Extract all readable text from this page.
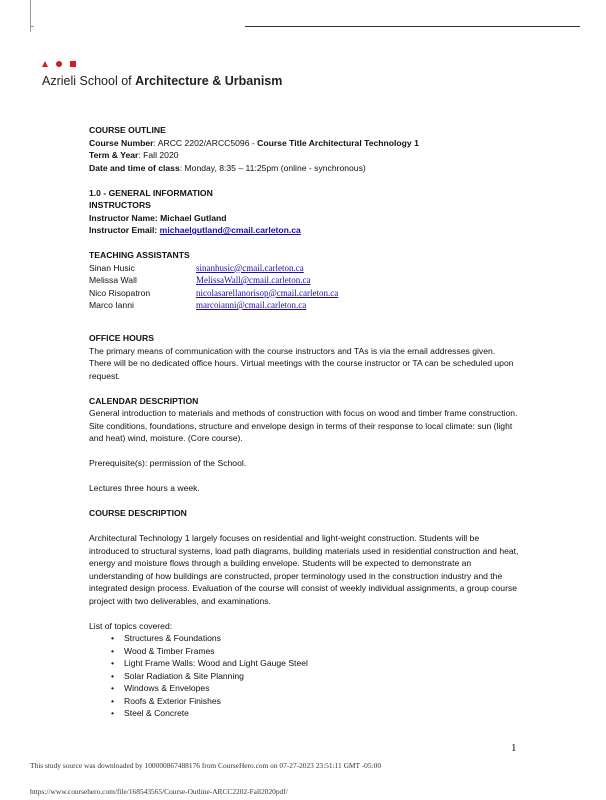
Azrieli School of Architecture & Urbanism
COURSE OUTLINE
Course Number: ARCC 2202/ARCC5096 - Course Title Architectural Technology 1
Term & Year: Fall 2020
Date and time of class: Monday, 8:35 – 11:25pm (online - synchronous)
1.0 - GENERAL INFORMATION
INSTRUCTORS
Instructor Name: Michael Gutland
Instructor Email: michaelgutland@cmail.carleton.ca
TEACHING ASSISTANTS
Sinan Husic	sinanhusic@cmail.carleton.ca
Melissa Wall	MelissaWall@cmail.carleton.ca
Nico Risopatron	nicolasarellanorisop@cmail.carleton.ca
Marco Ianni	marcoianni@cmail.carleton.ca
OFFICE HOURS
The primary means of communication with the course instructors and TAs is via the email addresses given. There will be no dedicated office hours. Virtual meetings with the course instructor or TA can be scheduled upon request.
CALENDAR DESCRIPTION
General introduction to materials and methods of construction with focus on wood and timber frame construction. Site conditions, foundations, structure and envelope design in terms of their response to local climate: sun (light and heat) wind, moisture. (Core course).
Prerequisite(s): permission of the School.
Lectures three hours a week.
COURSE DESCRIPTION
Architectural Technology 1 largely focuses on residential and light-weight construction. Students will be introduced to structural systems, load path diagrams, building materials used in residential construction and heat, energy and moisture flows through a building envelope. Students will be expected to demonstrate an understanding of how buildings are constructed, proper terminology used in the construction industry and the integrated design process. Evaluation of the course will consist of weekly individual assignments, a group course project with two deliverables, and examinations.
List of topics covered:
• Structures & Foundations
• Wood & Timber Frames
• Light Frame Walls: Wood and Light Gauge Steel
• Solar Radiation & Site Planning
• Windows & Envelopes
• Roofs & Exterior Finishes
• Steel & Concrete
1
This study source was downloaded by 100000867488176 from CourseHero.com on 07-27-2023 23:51:11 GMT -05:00
https://www.coursehero.com/file/168543565/Course-Outline-ARCC2202-Fall2020pdf/
